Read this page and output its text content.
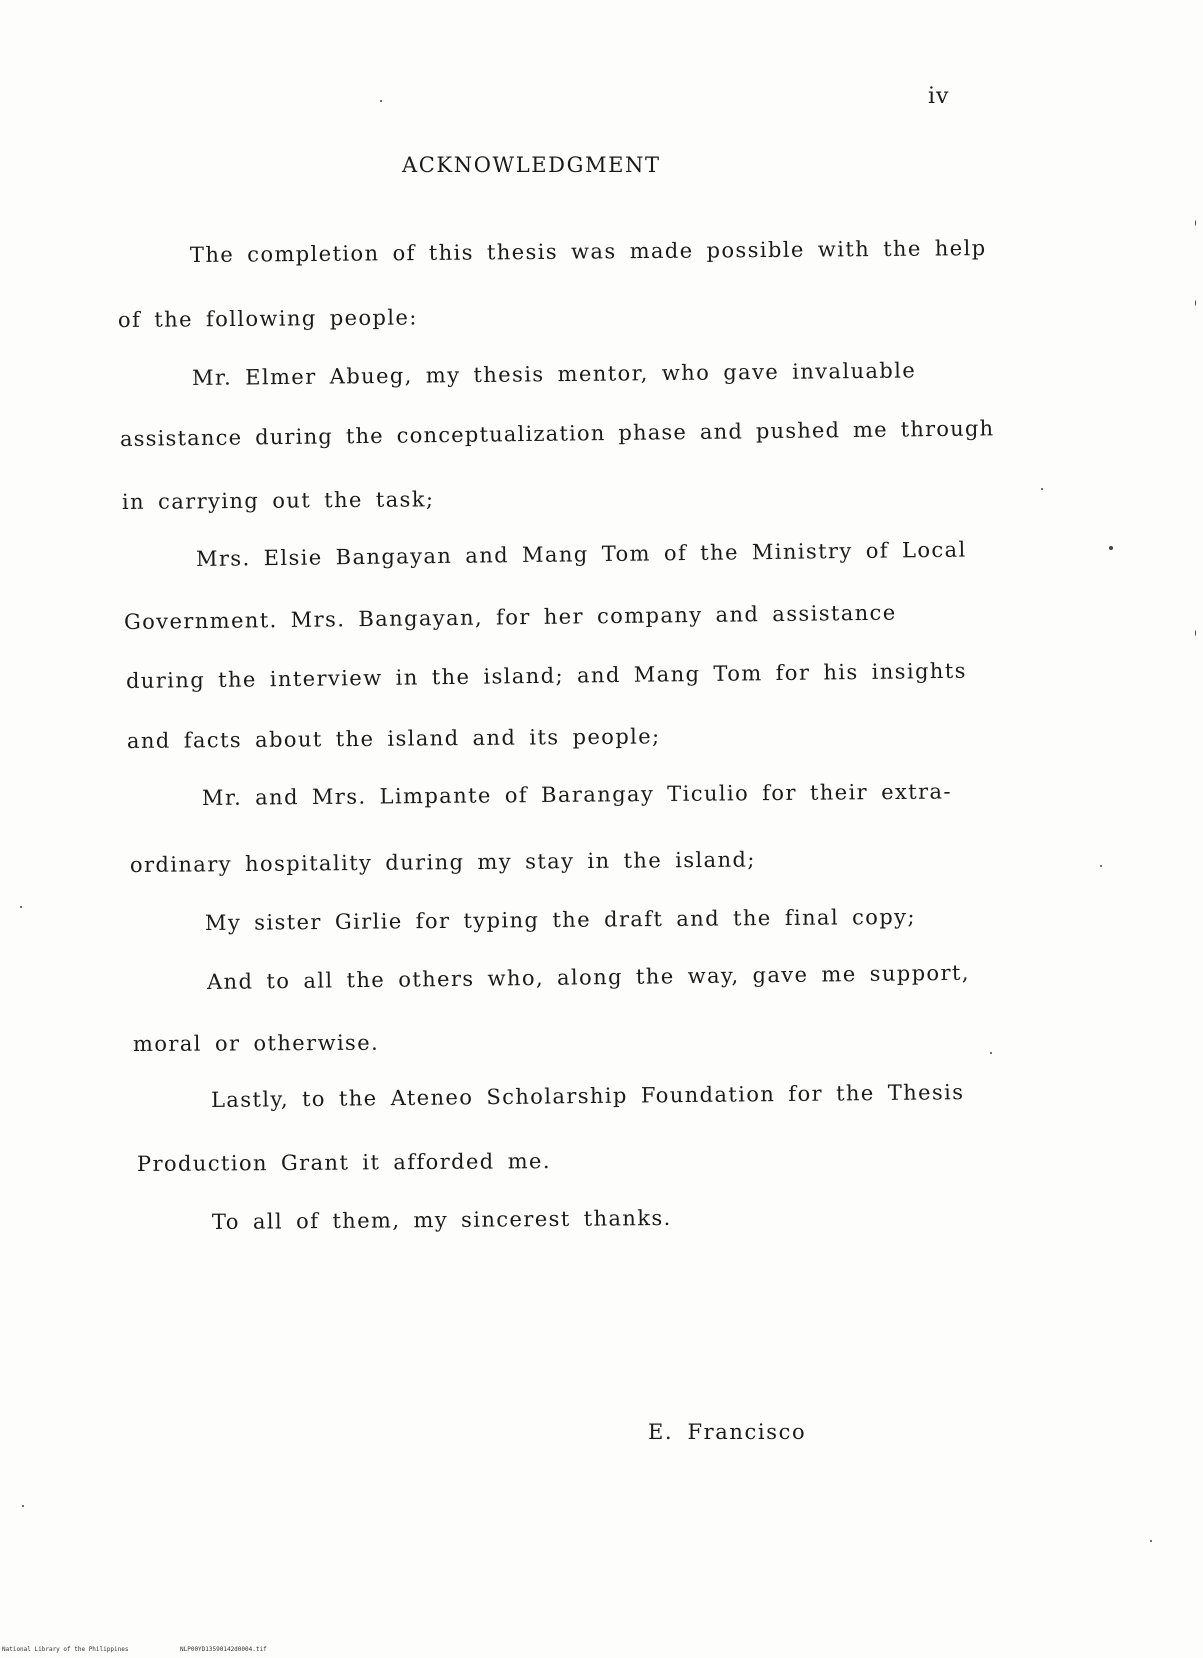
iv
ACKNOWLEDGMENT
The completion of this thesis was made possible with the help
of the following people:
Mr. Elmer Abueg, my thesis mentor, who gave invaluable
assistance during the conceptualization phase and pushed me through
in carrying out the task;
Mrs. Elsie Bangayan and Mang Tom of the Ministry of Local
Government. Mrs. Bangayan, for her company and assistance
during the interview in the island; and Mang Tom for his insights
and facts about the island and its people;
Mr. and Mrs. Limpante of Barangay Ticulio for their extra-
ordinary hospitality during my stay in the island;
My sister Girlie for typing the draft and the final copy;
And to all the others who, along the way, gave me support,
moral or otherwise.
Lastly, to the Ateneo Scholarship Foundation for the Thesis
Production Grant it afforded me.
To all of them, my sincerest thanks.
E. Francisco
National Library of the Philippines	NLP00YD13590142d0004.tif
